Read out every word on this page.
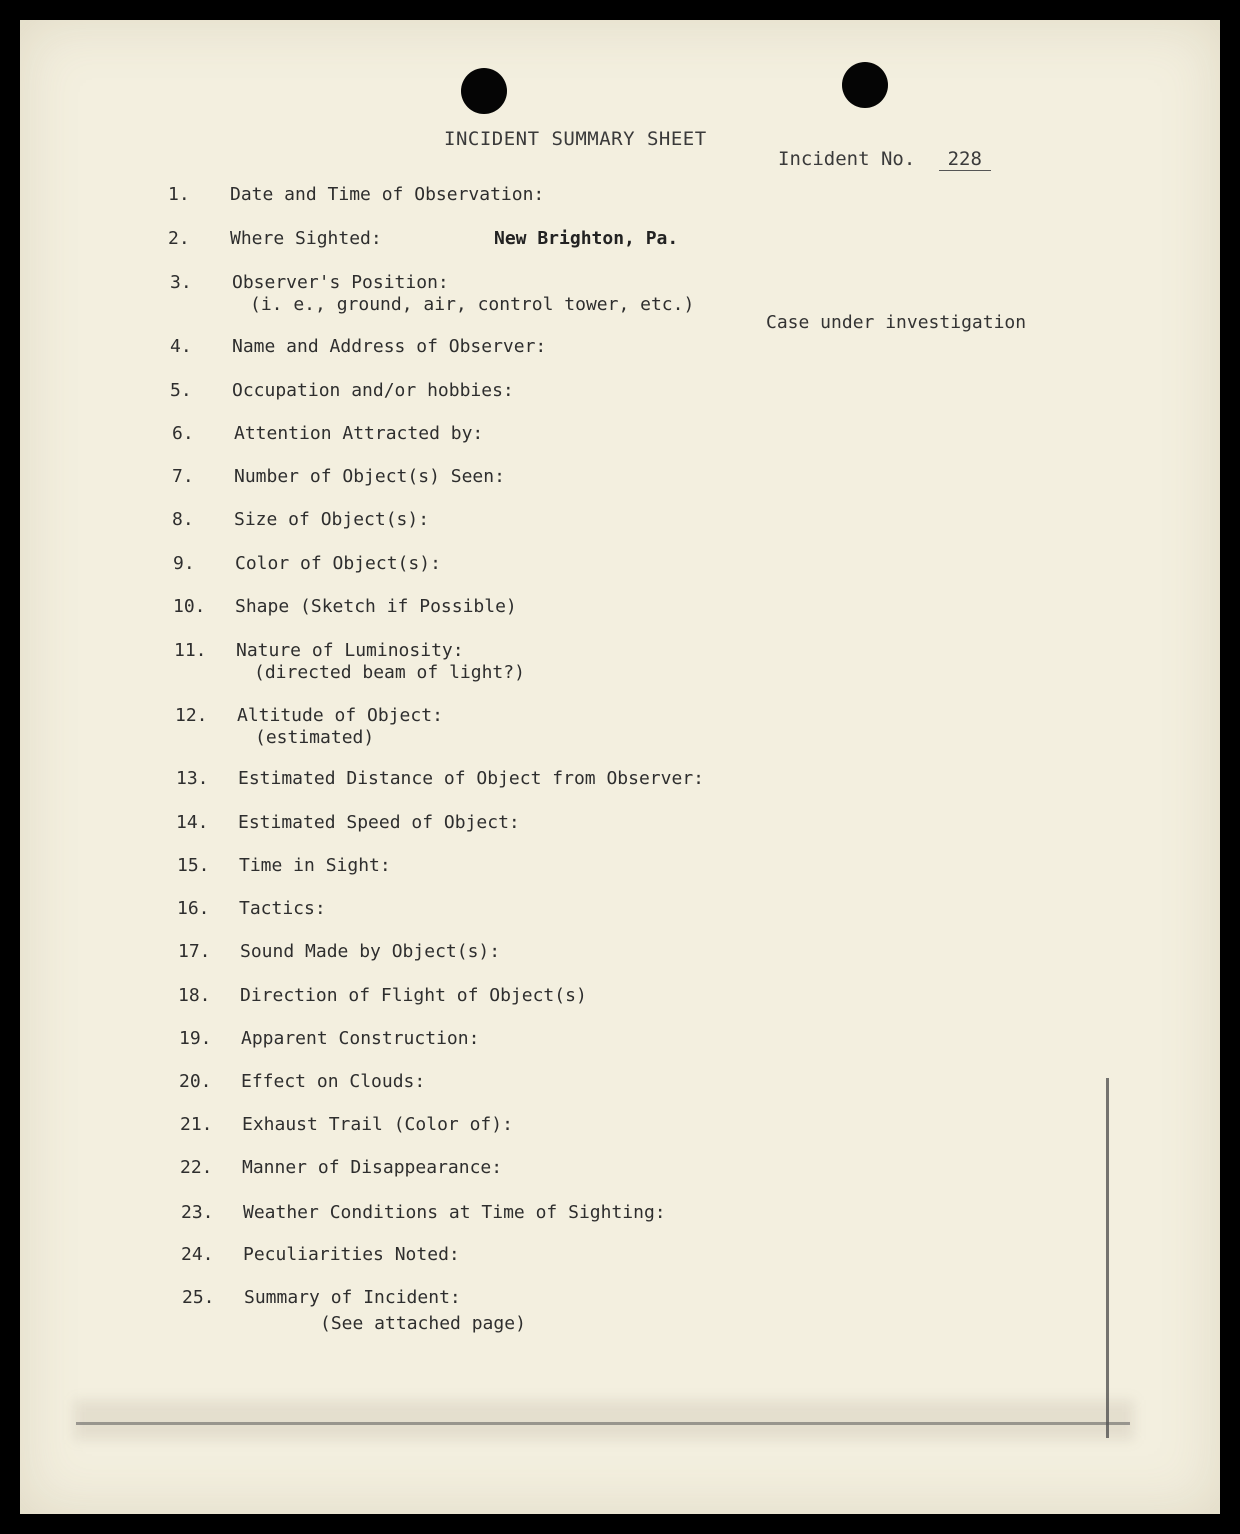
INCIDENT SUMMARY SHEET
Incident No. 228
Case under investigation
1.	Date and Time of Observation:
2.	Where Sighted:	New Brighton, Pa.
3.	Observer's Position:
(i. e., ground, air, control tower, etc.)
4.	Name and Address of Observer:
5.	Occupation and/or hobbies:
6.	Attention Attracted by:
7.	Number of Object(s) Seen:
8.	Size of Object(s):
9.	Color of Object(s):
10.	Shape (Sketch if Possible)
11.	Nature of Luminosity:
(directed beam of light?)
12.	Altitude of Object:
(estimated)
13.	Estimated Distance of Object from Observer:
14.	Estimated Speed of Object:
15.	Time in Sight:
16.	Tactics:
17.	Sound Made by Object(s):
18.	Direction of Flight of Object(s)
19.	Apparent Construction:
20.	Effect on Clouds:
21.	Exhaust Trail (Color of):
22.	Manner of Disappearance:
23.	Weather Conditions at Time of Sighting:
24.	Peculiarities Noted:
25.	Summary of Incident:
(See attached page)
